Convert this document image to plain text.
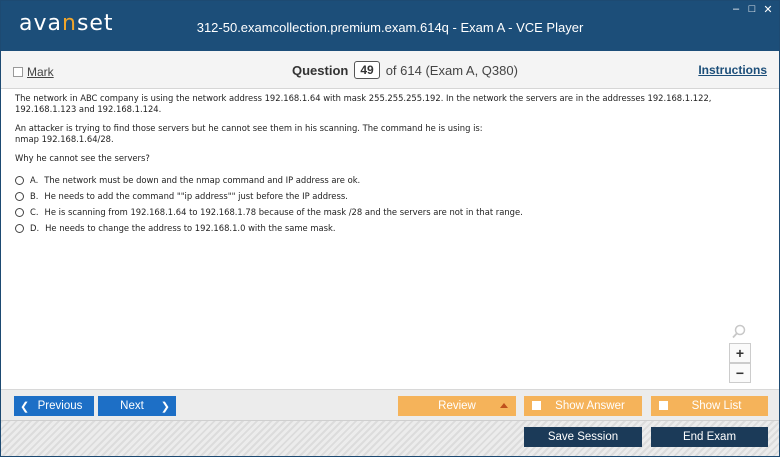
avanset	312-50.examcollection.premium.exam.614q - Exam A - VCE Player
– □ ✕
Mark	Question	49 of 614 (Exam A, Q380)	Instructions

The network in ABC company is using the network address 192.168.1.64 with mask 255.255.255.192. In the network the servers are in the addresses 192.168.1.122, 192.168.1.123 and 192.168.1.124.

An attacker is trying to find those servers but he cannot see them in his scanning. The command he is using is:
nmap 192.168.1.64/28.

Why he cannot see the servers?

A. The network must be down and the nmap command and IP address are ok.
B. He needs to add the command ""ip address"" just before the IP address.
C. He is scanning from 192.168.1.64 to 192.168.1.78 because of the mask /28 and the servers are not in that range.
D. He needs to change the address to 192.168.1.0 with the same mask.
+
−
❮ Previous	Next ❯	Review	Show Answer	Show List
Save Session	End Exam
